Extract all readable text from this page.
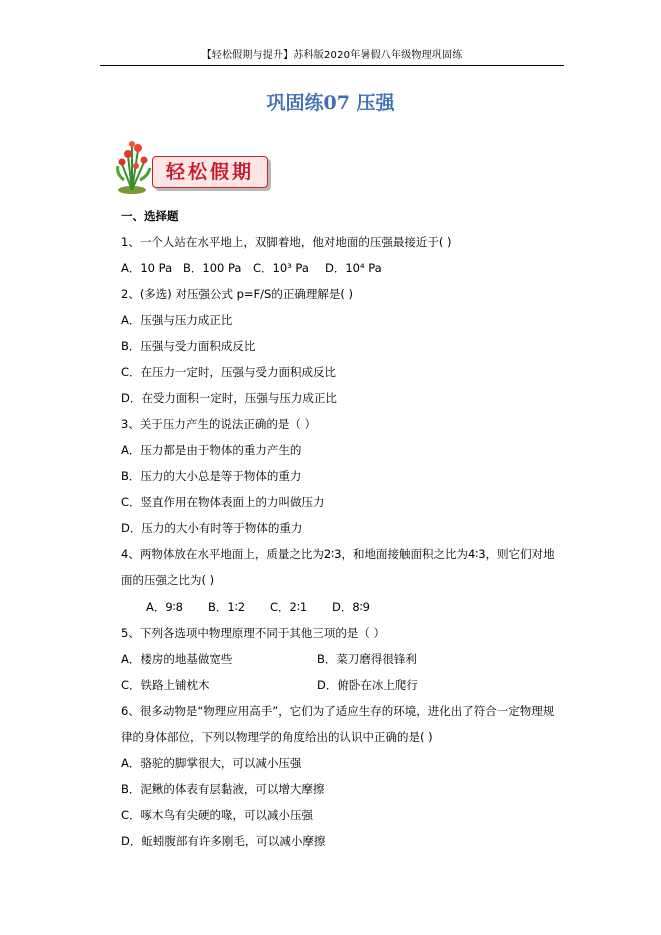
【轻松假期与提升】苏科版2020年暑假八年级物理巩固练
巩固练07 压强
轻松假期
一、选择题
1、一个人站在水平地上，双脚着地，他对地面的压强最接近于( )
A．10 Pa B．100 Pa C．10³ Pa D．10⁴ Pa
2、(多选) 对压强公式 p=F/S的正确理解是( )
A．压强与压力成正比
B．压强与受力面积成反比
C．在压力一定时，压强与受力面积成反比
D．在受力面积一定时，压强与压力成正比
3、关于压力产生的说法正确的是（ ）
A．压力都是由于物体的重力产生的
B．压力的大小总是等于物体的重力
C．竖直作用在物体表面上的力叫做压力
D．压力的大小有时等于物体的重力
4、两物体放在水平地面上，质量之比为2∶3，和地面接触面积之比为4∶3，则它们对地
面的压强之比为( )
A．9∶8 B．1∶2 C．2∶1 D．8∶9
5、下列各选项中物理原理不同于其他三项的是（ ）
A．楼房的地基做宽些	B．菜刀磨得很锋利
C．铁路上铺枕木	D．俯卧在冰上爬行
6、很多动物是“物理应用高手”，它们为了适应生存的环境，进化出了符合一定物理规
律的身体部位，下列以物理学的角度给出的认识中正确的是( )
A．骆驼的脚掌很大，可以减小压强
B．泥鳅的体表有层黏液，可以增大摩擦
C．啄木鸟有尖硬的喙，可以减小压强
D．蚯蚓腹部有许多刚毛，可以减小摩擦
